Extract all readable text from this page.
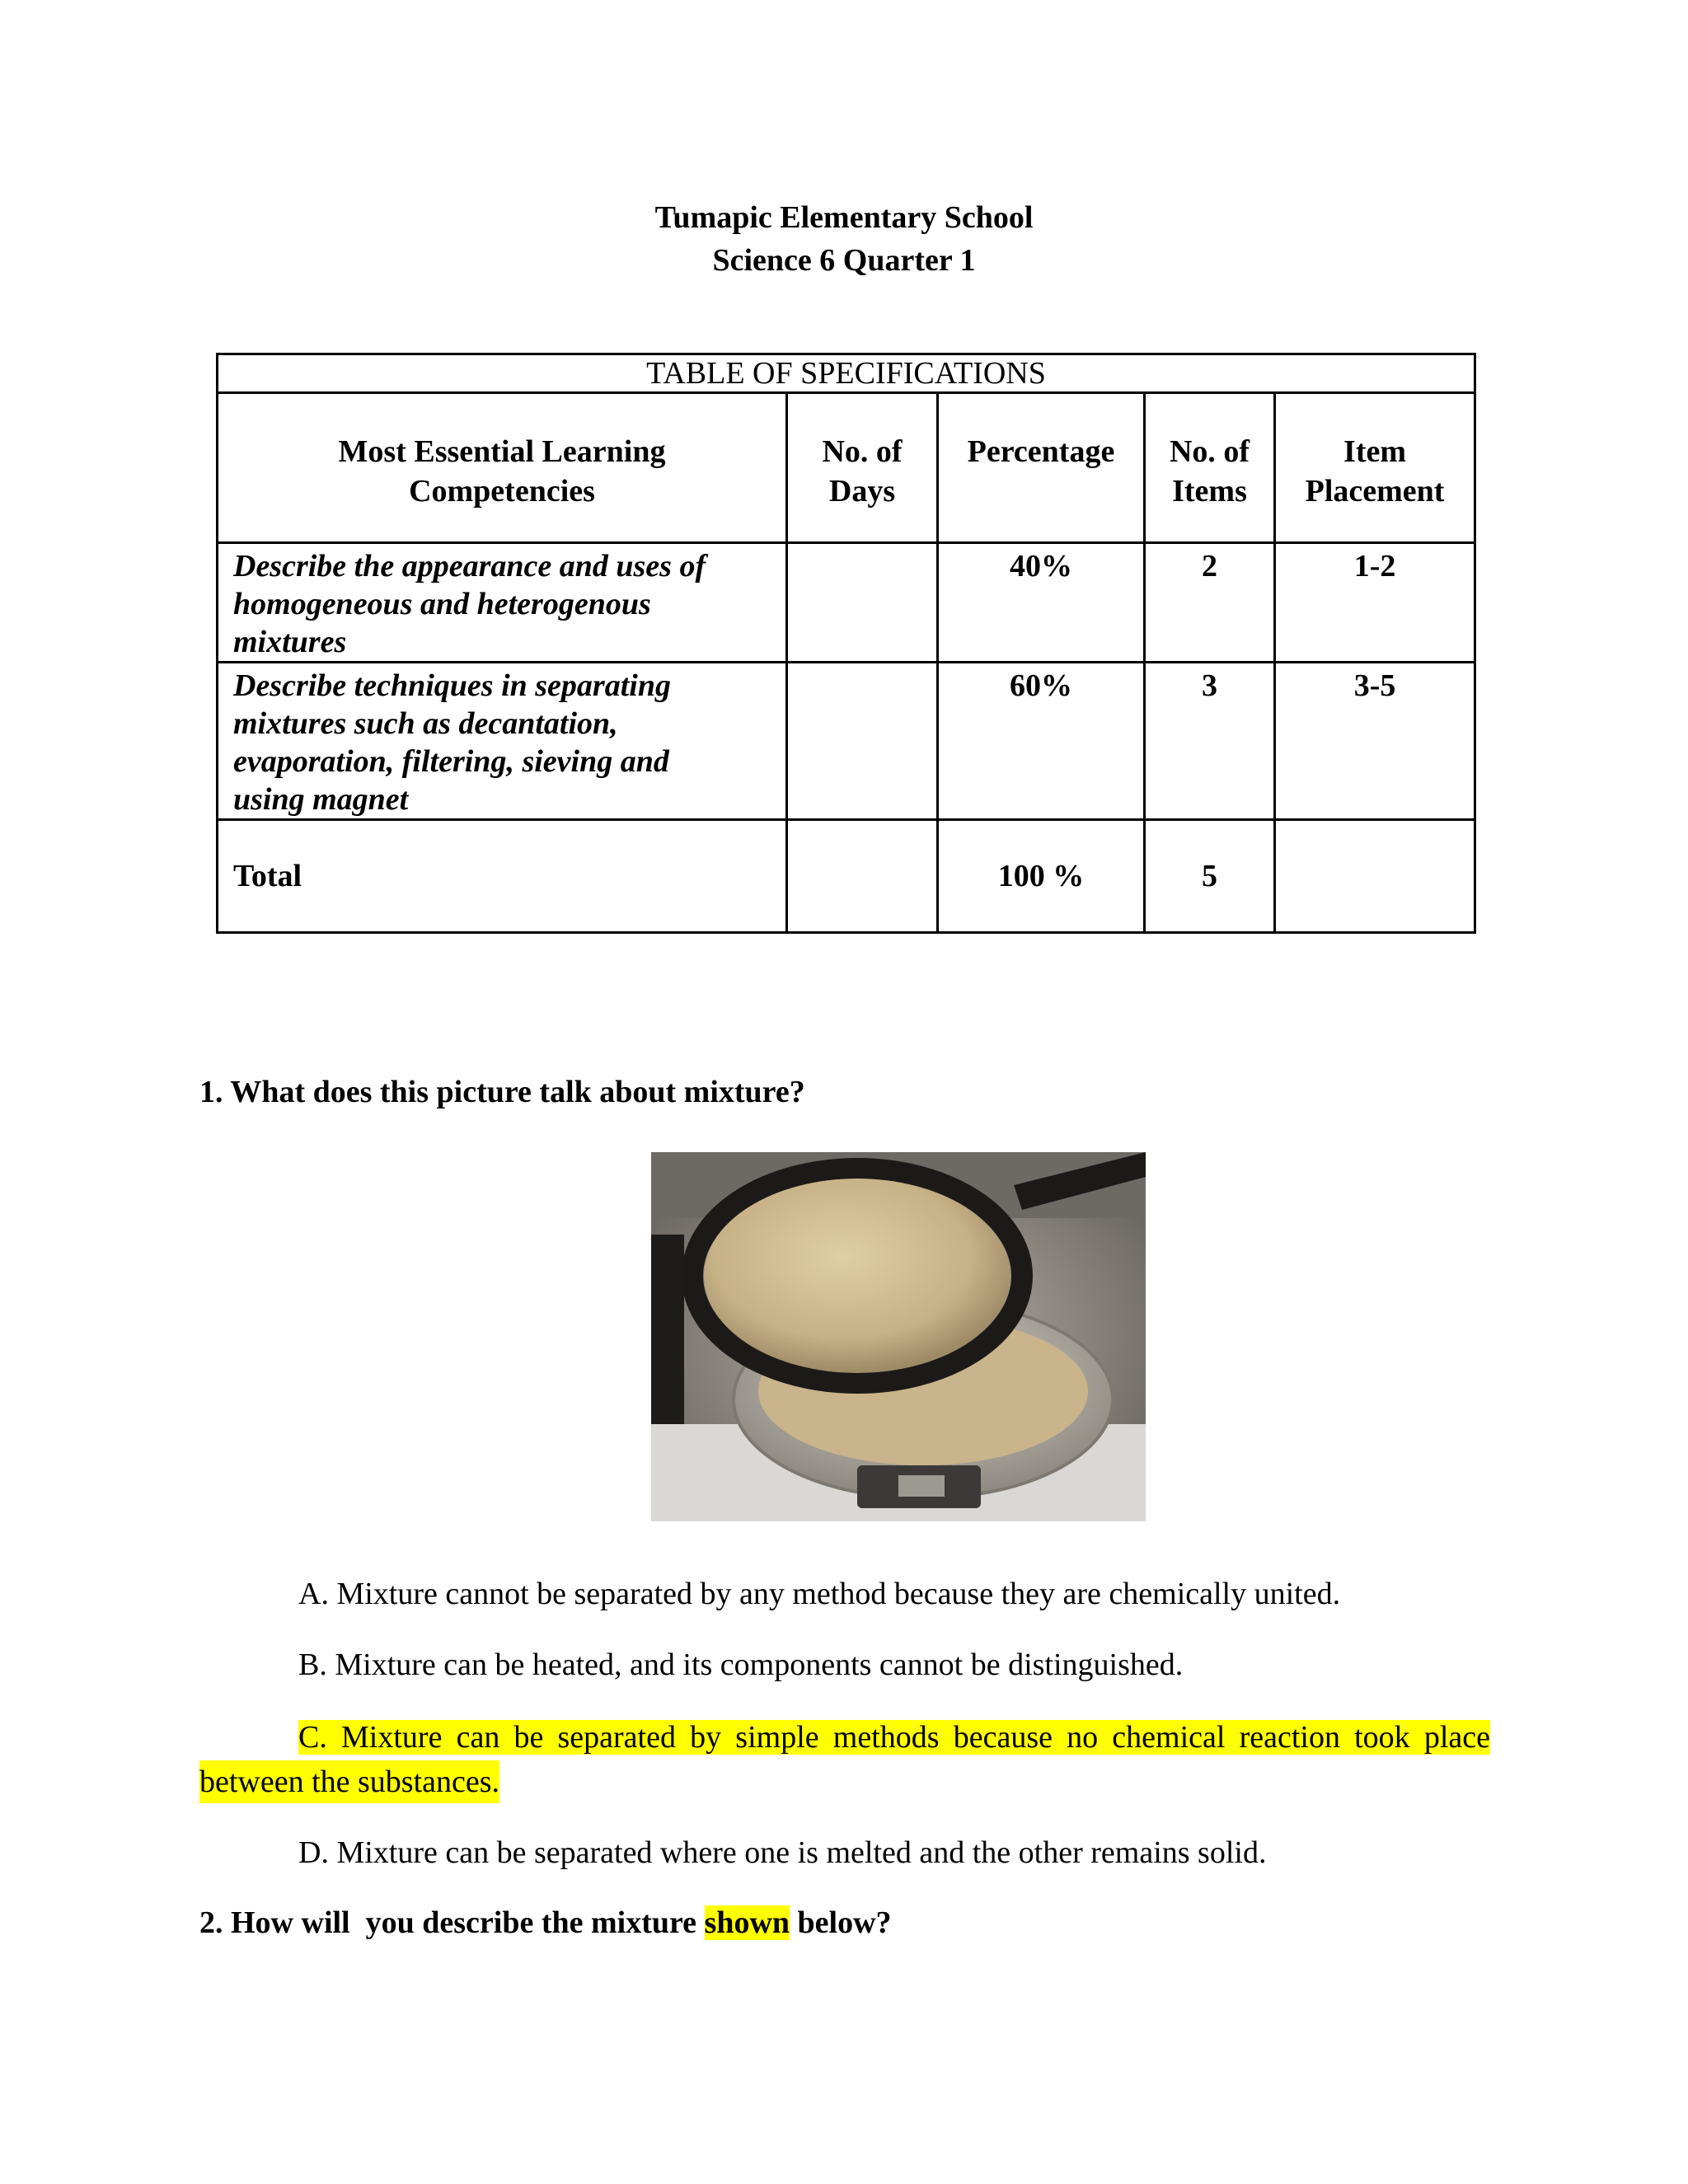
Tumapic Elementary School
Science 6 Quarter 1
TABLE OF SPECIFICATIONS				
Most Essential Learning Competencies	No. of Days	Percentage	No. of Items	Item Placement
Describe the appearance and uses of homogeneous and heterogenous mixtures		40%	2	1-2
Describe techniques in separating mixtures such as decantation, evaporation, filtering, sieving and using magnet		60%	3	3-5
Total		100 %	5	
1. What does this picture talk about mixture?
A. Mixture cannot be separated by any method because they are chemically united.
B. Mixture can be heated, and its components cannot be distinguished.
C. Mixture can be separated by simple methods because no chemical reaction took place
between the substances.
D. Mixture can be separated where one is melted and the other remains solid.
2. How will  you describe the mixture shown below?
